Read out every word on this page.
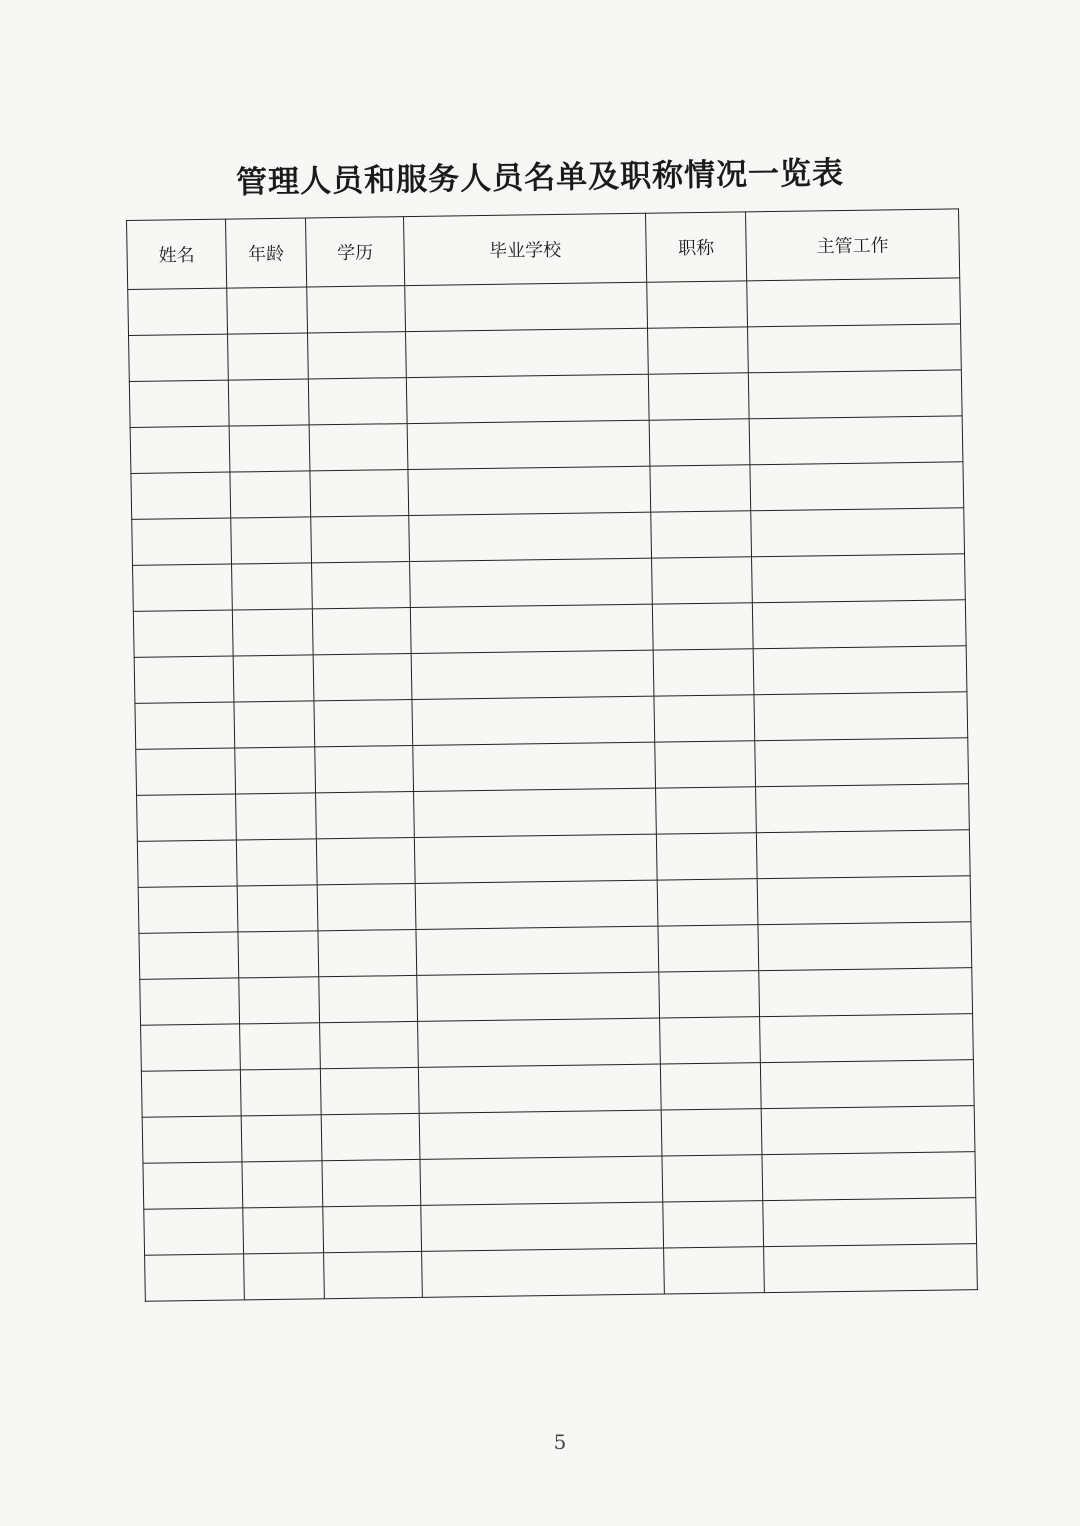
管理人员和服务人员名单及职称情况一览表
姓名	年龄	学历	毕业学校	职称	主管工作

5
